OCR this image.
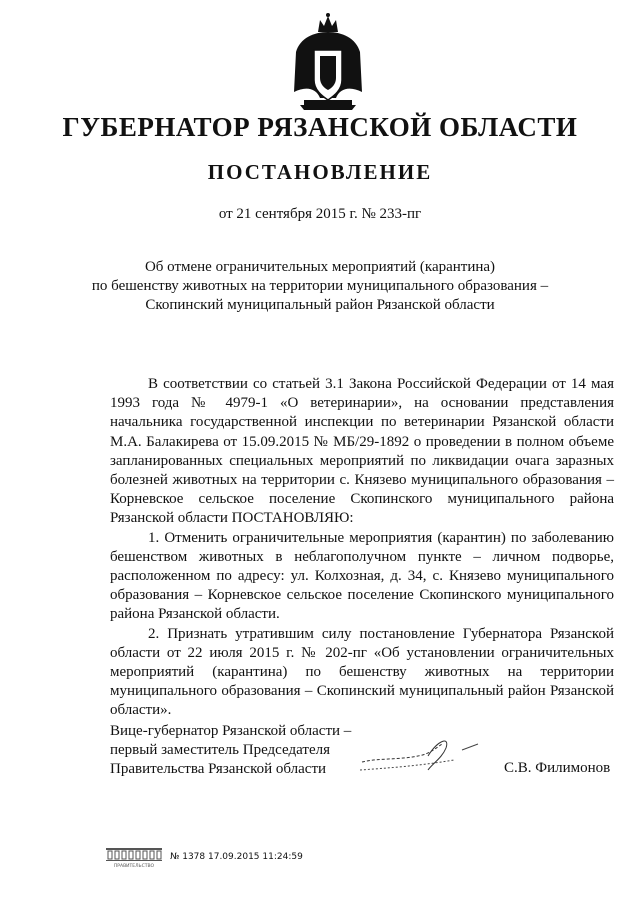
ГУБЕРНАТОР РЯЗАНСКОЙ ОБЛАСТИ
ПОСТАНОВЛЕНИЕ
от 21 сентября 2015 г. № 233-пг
Об отмене ограничительных мероприятий (карантина)
по бешенству животных на территории муниципального образования –
Скопинский муниципальный район Рязанской области

В соответствии со статьей 3.1 Закона Российской Федерации от 14 мая 1993 года № 4979-1 «О ветеринарии», на основании представления начальника государственной инспекции по ветеринарии Рязанской области М.А. Балакирева от 15.09.2015 № МБ/29-1892 о проведении в полном объеме запланированных специальных мероприятий по ликвидации очага заразных болезней животных на территории с. Князево муниципального образования – Корневское сельское поселение Скопинского муниципального района Рязанской области ПОСТАНОВЛЯЮ:

1. Отменить ограничительные мероприятия (карантин) по заболеванию бешенством животных в неблагополучном пункте – личном подворье, расположенном по адресу: ул. Колхозная, д. 34, с. Князево муниципального образования – Корневское сельское поселение Скопинского муниципального района Рязанской области.

2. Признать утратившим силу постановление Губернатора Рязанской области от 22 июля 2015 г. № 202-пг «Об установлении ограничительных мероприятий (карантина) по бешенству животных на территории муниципального образования – Скопинский муниципальный район Рязанской области».

Вице-губернатор Рязанской области –
первый заместитель Председателя
Правительства Рязанской области	С.В. Филимонов
ПРАВИТЕЛЬСТВО
№ 1378 17.09.2015 11:24:59
